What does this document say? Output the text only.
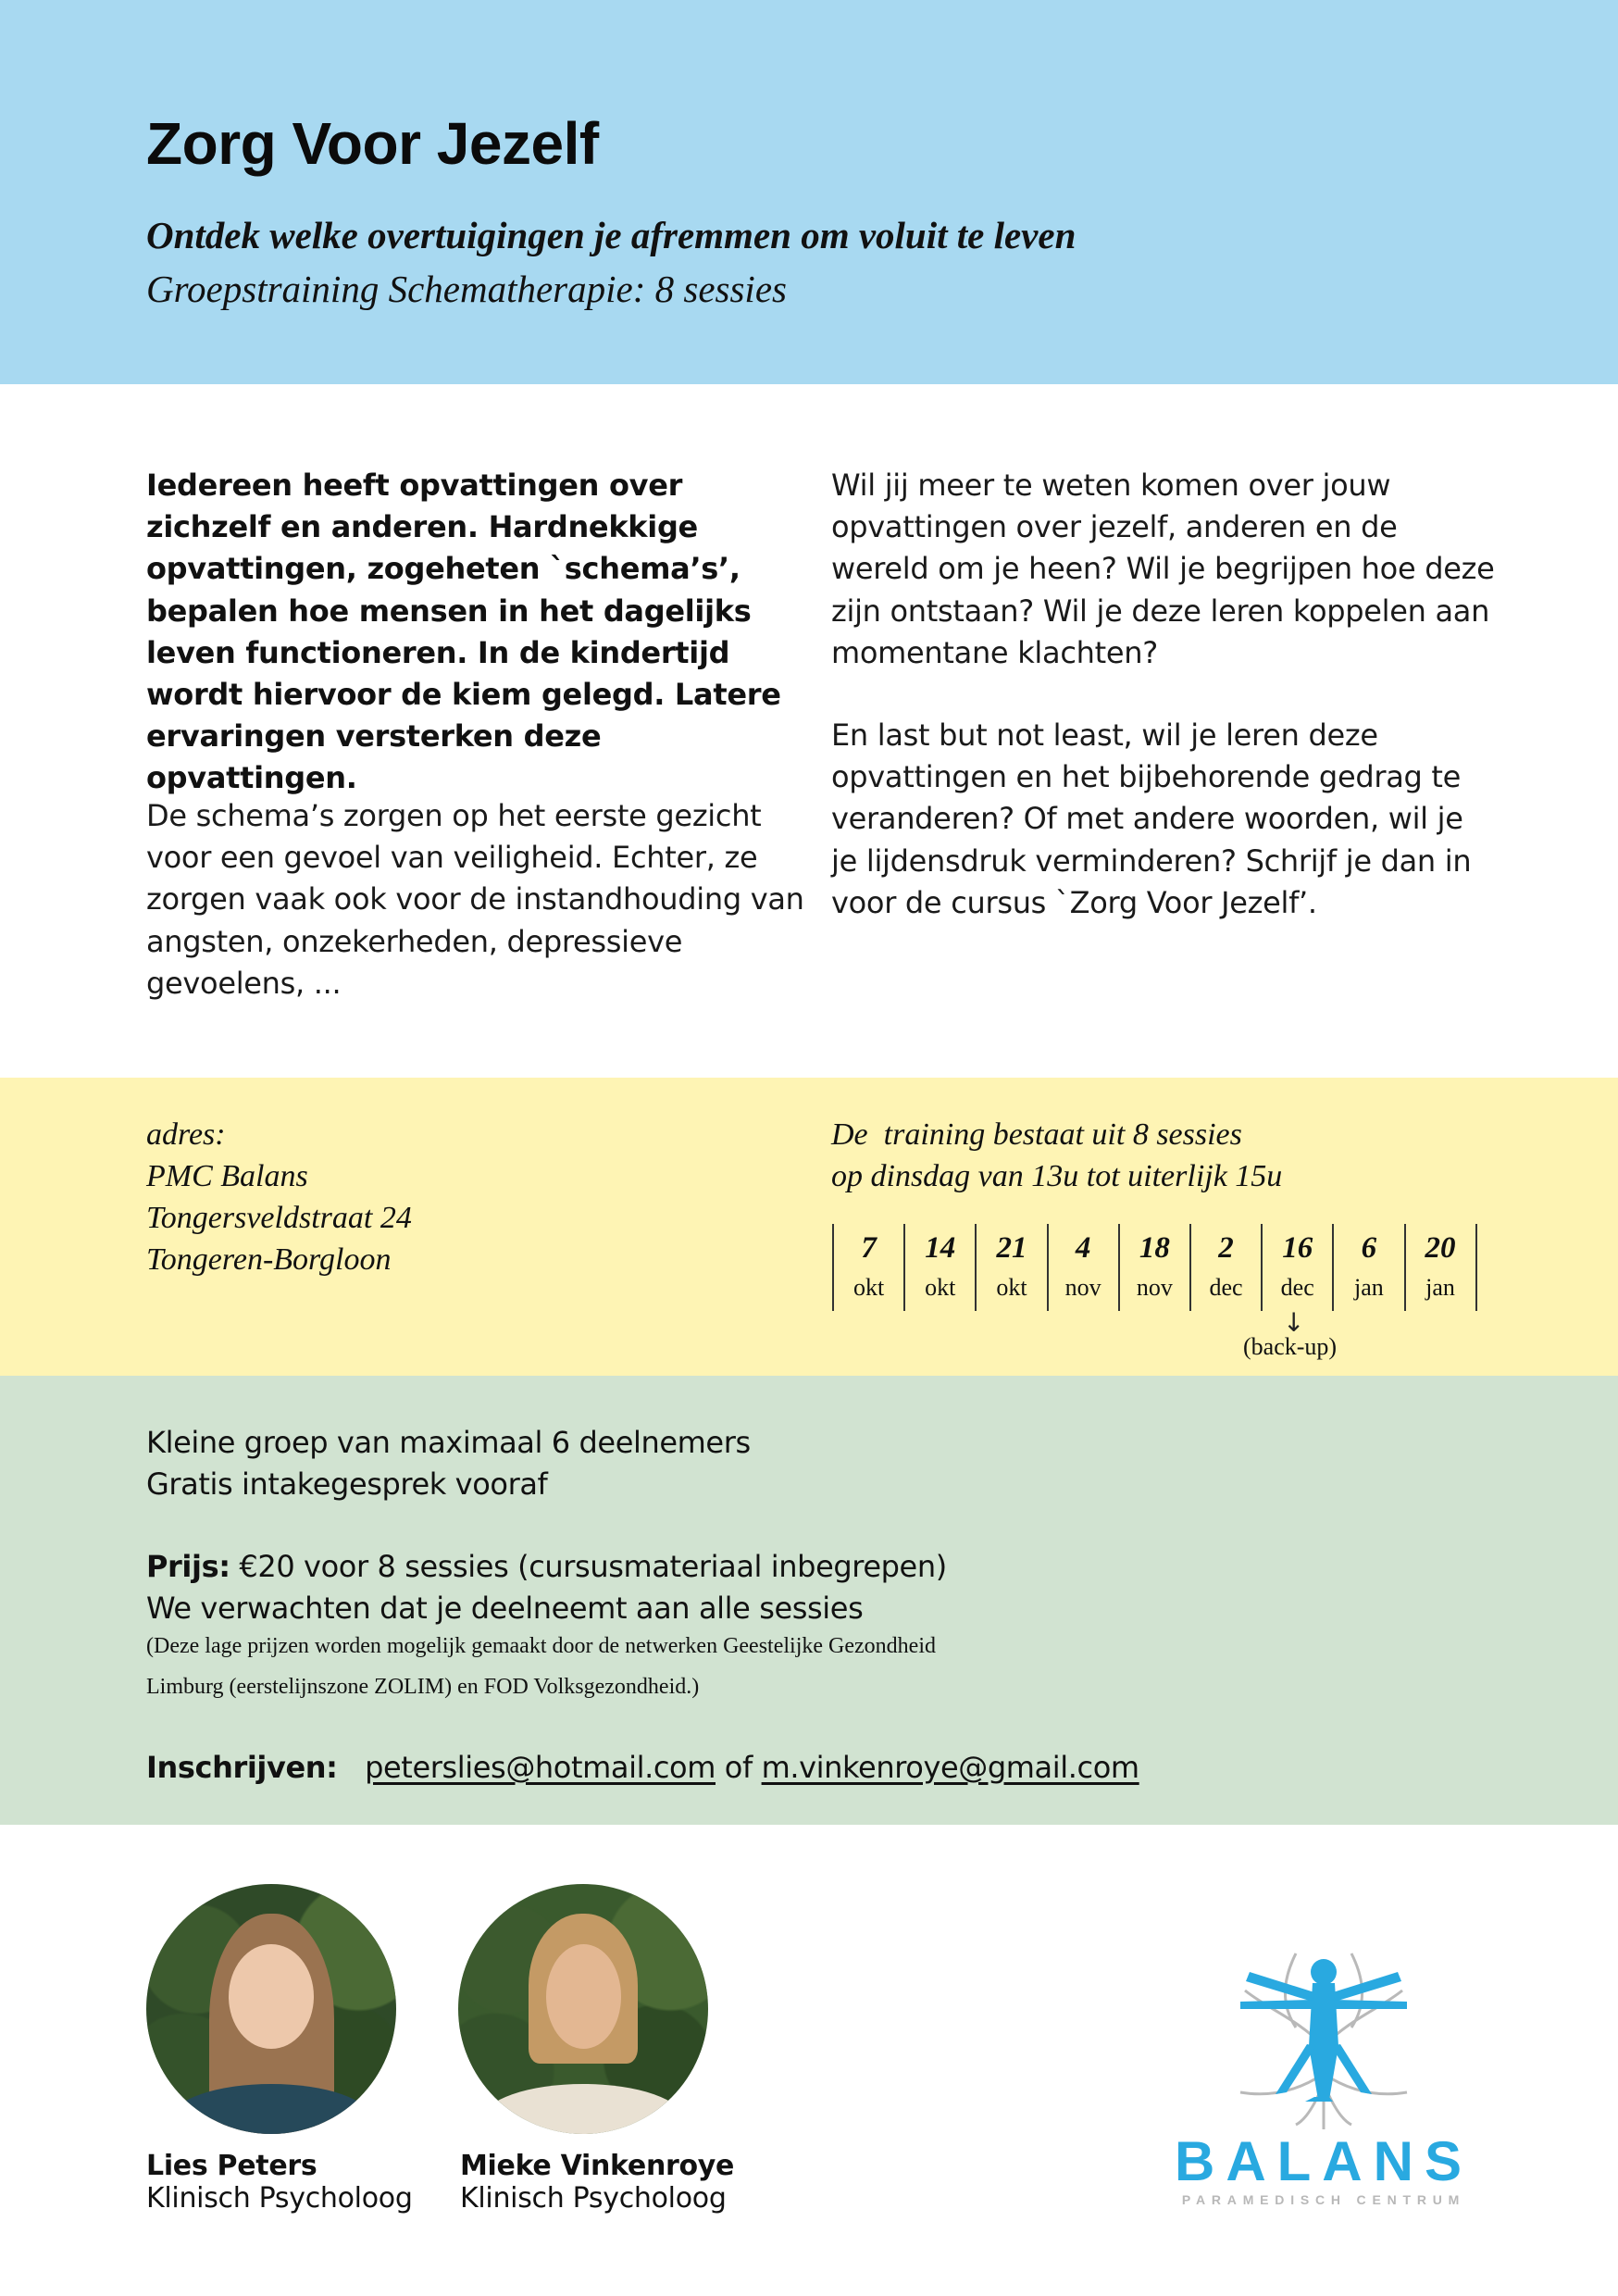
Zorg Voor Jezelf
Ontdek welke overtuigingen je afremmen om voluit te leven
Groepstraining Schematherapie: 8 sessies

Iedereen heeft opvattingen over zichzelf en anderen. Hardnekkige opvattingen, zogeheten `schema’s’, bepalen hoe mensen in het dagelijks leven functioneren. In de kindertijd wordt hiervoor de kiem gelegd. Latere ervaringen versterken deze opvattingen.

De schema’s zorgen op het eerste gezicht voor een gevoel van veiligheid. Echter, ze zorgen vaak ook voor de instandhouding van angsten, onzekerheden, depressieve gevoelens, ...

Wil jij meer te weten komen over jouw opvattingen over jezelf, anderen en de wereld om je heen? Wil je begrijpen hoe deze zijn ontstaan? Wil je deze leren koppelen aan momentane klachten?

En last but not least, wil je leren deze opvattingen en het bijbehorende gedrag te veranderen? Of met andere woorden, wil je je lijdensdruk verminderen? Schrijf je dan in voor de cursus `Zorg Voor Jezelf’.

adres:
PMC Balans
Tongersveldstraat 24
Tongeren-Borgloon
De  training bestaat uit 8 sessies
op dinsdag van 13u tot uiterlijk 15u
7
okt
14
okt
21
okt
4
nov
18
nov
2
dec
16
dec
6
jan
20
jan
↓
(back-up)
Kleine groep van maximaal 6 deelnemers
Gratis intakegesprek vooraf
Prijs: €20 voor 8 sessies (cursusmateriaal inbegrepen)
We verwachten dat je deelneemt aan alle sessies
(Deze lage prijzen worden mogelijk gemaakt door de netwerken Geestelijke Gezondheid
Limburg (eerstelijnszone ZOLIM) en FOD Volksgezondheid.)
Inschrijven: peterslies@hotmail.com of m.vinkenroye@gmail.com
Lies Peters
Klinisch Psycholoog
Mieke Vinkenroye
Klinisch Psycholoog
BALANS
PARAMEDISCH CENTRUM
